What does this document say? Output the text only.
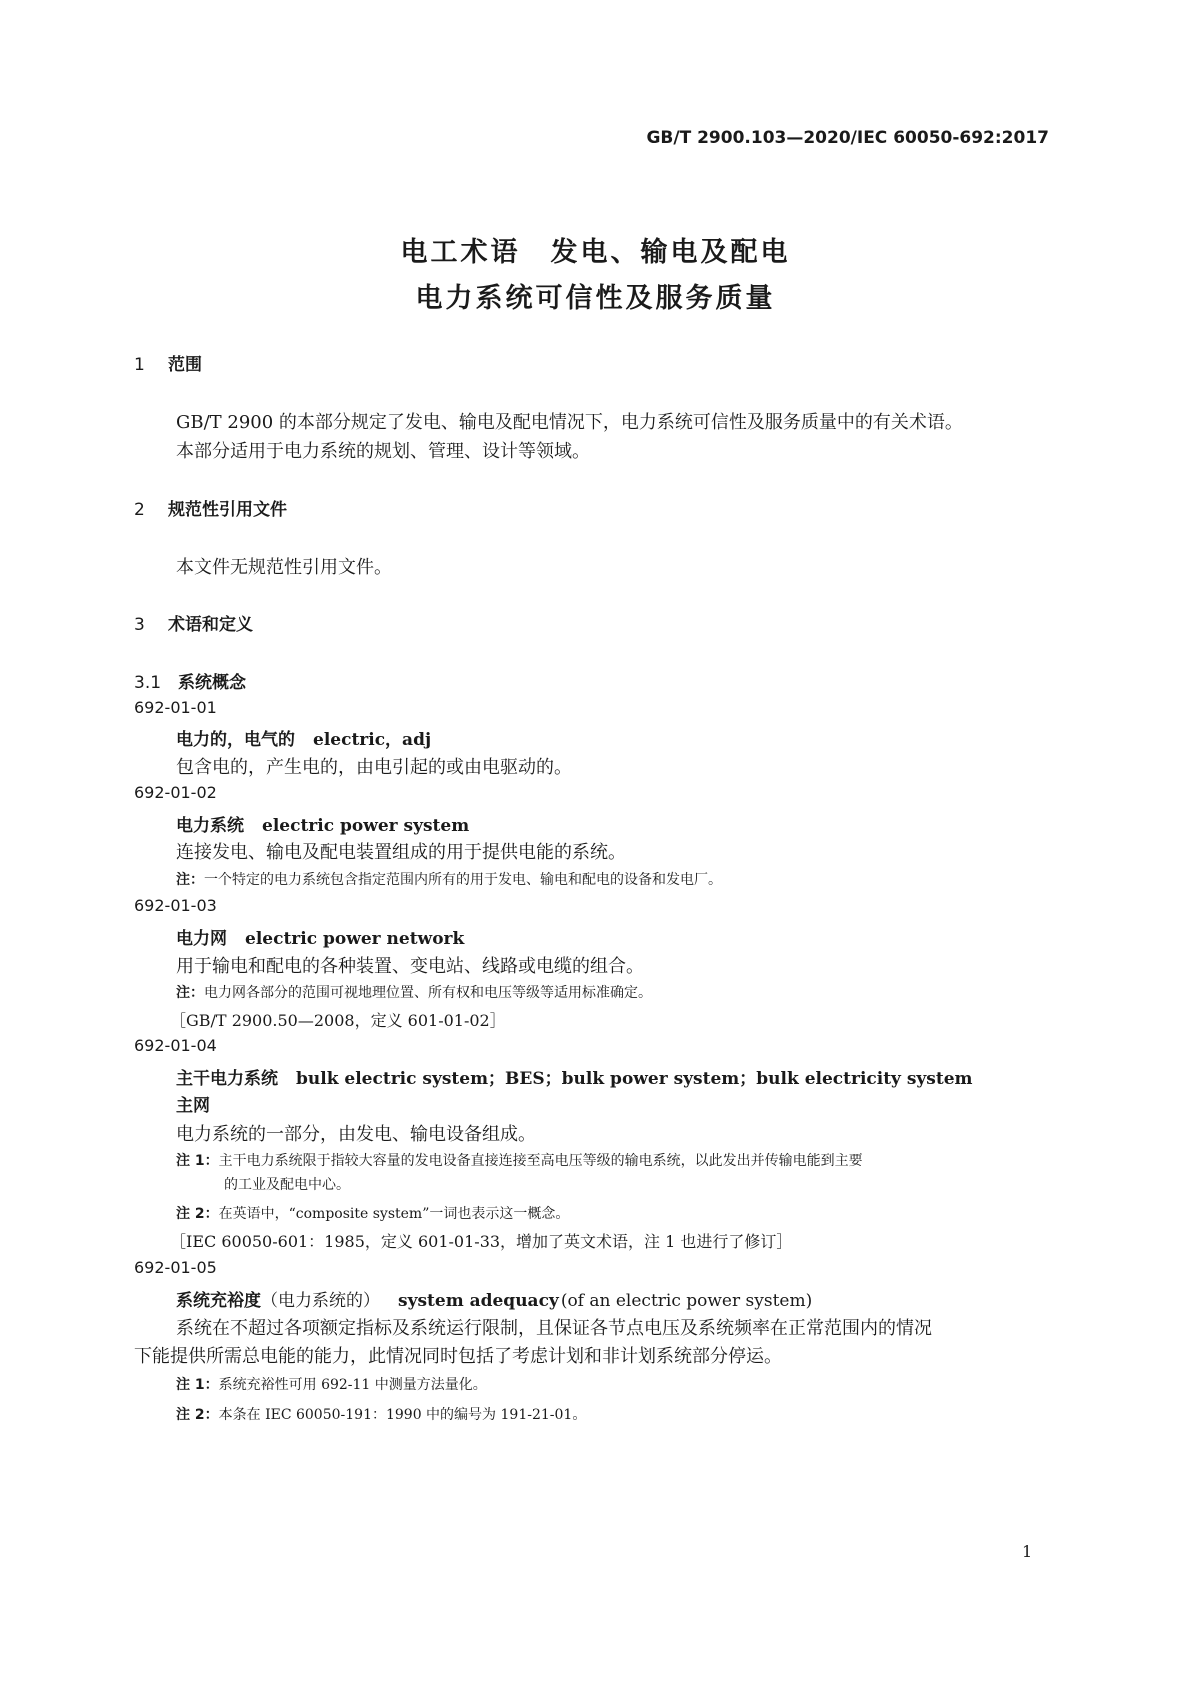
GB/T 2900.103—2020/IEC 60050-692:2017
电工术语　发电、输电及配电
电力系统可信性及服务质量
1 范围
GB/T 2900 的本部分规定了发电、输电及配电情况下，电力系统可信性及服务质量中的有关术语。
本部分适用于电力系统的规划、管理、设计等领域。
2 规范性引用文件
本文件无规范性引用文件。
3 术语和定义
3.1 系统概念
692-01-01
电力的，电气的 electric，adj
包含电的，产生电的，由电引起的或由电驱动的。
692-01-02
电力系统 electric power system
连接发电、输电及配电装置组成的用于提供电能的系统。
注：一个特定的电力系统包含指定范围内所有的用于发电、输电和配电的设备和发电厂。
692-01-03
电力网 electric power network
用于输电和配电的各种装置、变电站、线路或电缆的组合。
注：电力网各部分的范围可视地理位置、所有权和电压等级等适用标准确定。
［GB/T 2900.50—2008，定义 601-01-02］
692-01-04
主干电力系统 bulk electric system；BES；bulk power system；bulk electricity system
主网
电力系统的一部分，由发电、输电设备组成。
注 1：主干电力系统限于指较大容量的发电设备直接连接至高电压等级的输电系统，以此发出并传输电能到主要
的工业及配电中心。
注 2：在英语中，“composite system”一词也表示这一概念。
［IEC 60050-601：1985，定义 601-01-33，增加了英文术语，注 1 也进行了修订］
692-01-05
系统充裕度（电力系统的） system adequacy (of an electric power system)
系统在不超过各项额定指标及系统运行限制，且保证各节点电压及系统频率在正常范围内的情况
下能提供所需总电能的能力，此情况同时包括了考虑计划和非计划系统部分停运。
注 1：系统充裕性可用 692-11 中测量方法量化。
注 2：本条在 IEC 60050-191：1990 中的编号为 191-21-01。
1
